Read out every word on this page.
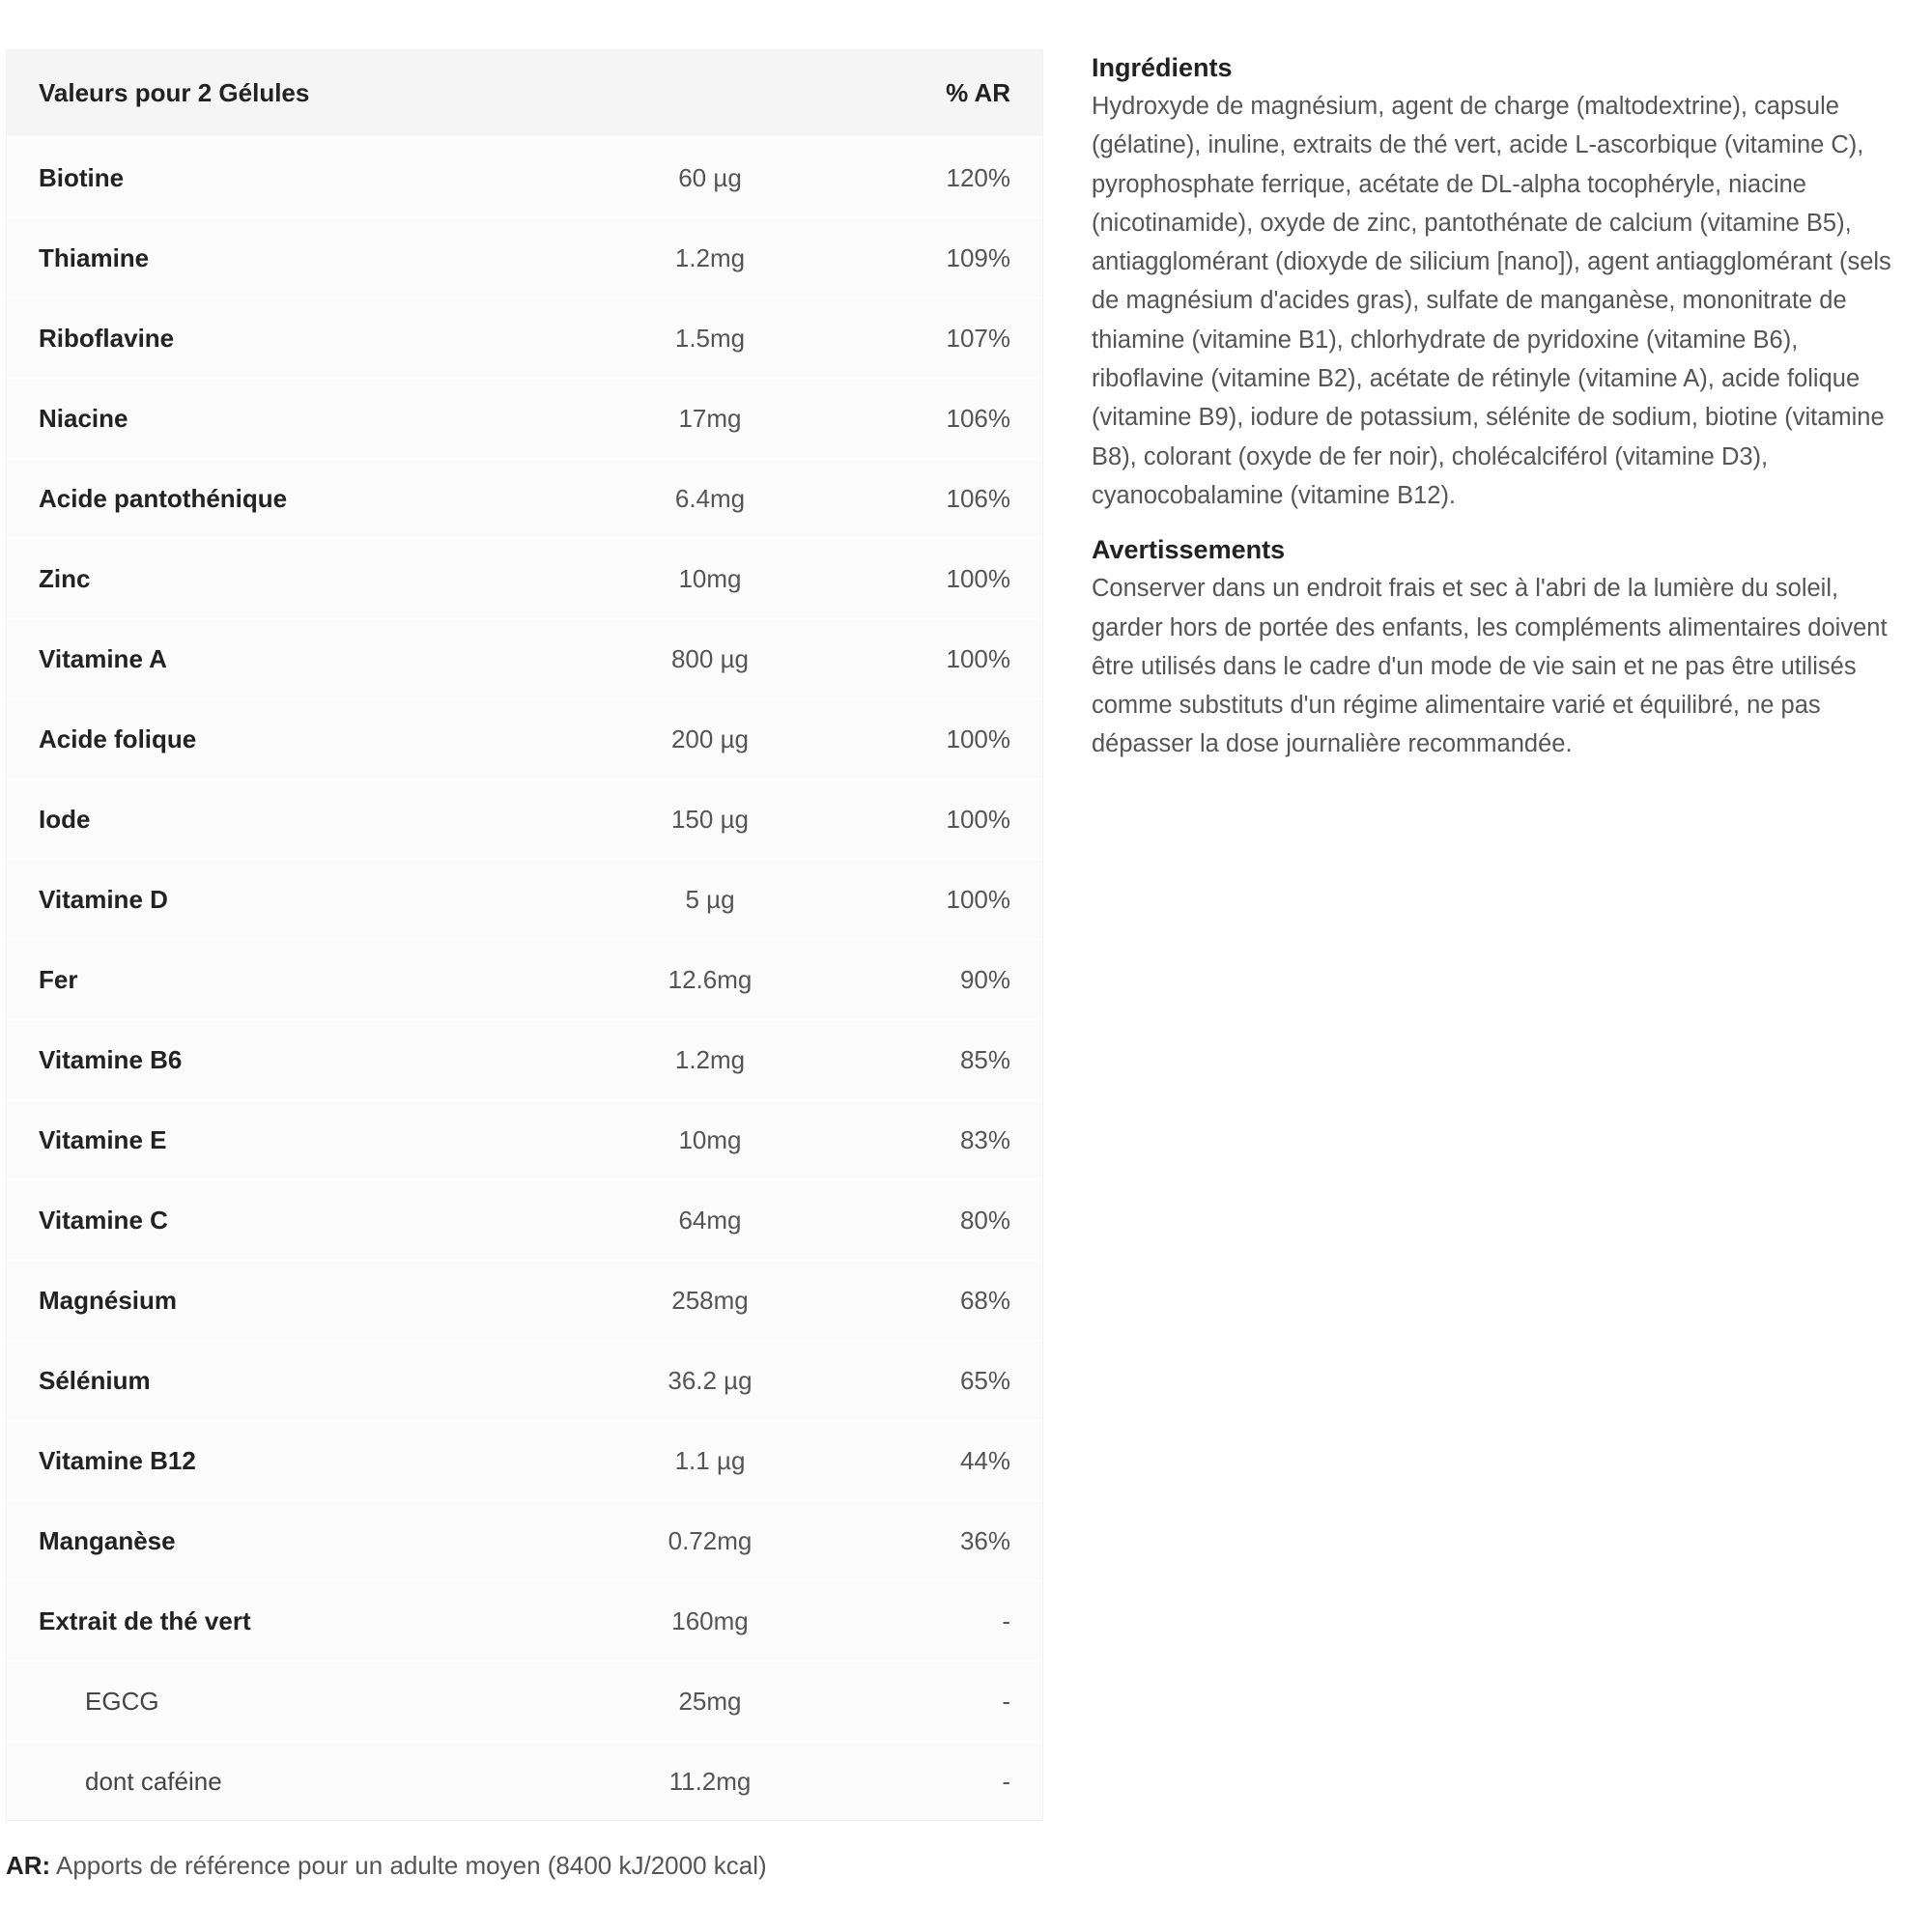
Valeurs pour 2 Gélules	% AR
Biotine	60 µg	120%
Thiamine	1.2mg	109%
Riboflavine	1.5mg	107%
Niacine	17mg	106%
Acide pantothénique	6.4mg	106%
Zinc	10mg	100%
Vitamine A	800 µg	100%
Acide folique	200 µg	100%
Iode	150 µg	100%
Vitamine D	5 µg	100%
Fer	12.6mg	90%
Vitamine B6	1.2mg	85%
Vitamine E	10mg	83%
Vitamine C	64mg	80%
Magnésium	258mg	68%
Sélénium	36.2 µg	65%
Vitamine B12	1.1 µg	44%
Manganèse	0.72mg	36%
Extrait de thé vert	160mg	-
EGCG	25mg	-
dont caféine	11.2mg	-
AR: Apports de référence pour un adulte moyen (8400 kJ/2000 kcal)
Ingrédients

Hydroxyde de magnésium, agent de charge (maltodextrine), capsule (gélatine), inuline, extraits de thé vert, acide L-ascorbique (vitamine C), pyrophosphate ferrique, acétate de DL-alpha tocophéryle, niacine (nicotinamide), oxyde de zinc, pantothénate de calcium (vitamine B5), antiagglomérant (dioxyde de silicium [nano]), agent antiagglomérant (sels de magnésium d'acides gras), sulfate de manganèse, mononitrate de thiamine (vitamine B1), chlorhydrate de pyridoxine (vitamine B6), riboflavine (vitamine B2), acétate de rétinyle (vitamine A), acide folique (vitamine B9), iodure de potassium, sélénite de sodium, biotine (vitamine B8), colorant (oxyde de fer noir), cholécalciférol (vitamine D3), cyanocobalamine (vitamine B12).

Avertissements

Conserver dans un endroit frais et sec à l'abri de la lumière du soleil, garder hors de portée des enfants, les compléments alimentaires doivent être utilisés dans le cadre d'un mode de vie sain et ne pas être utilisés comme substituts d'un régime alimentaire varié et équilibré, ne pas dépasser la dose journalière recommandée.
